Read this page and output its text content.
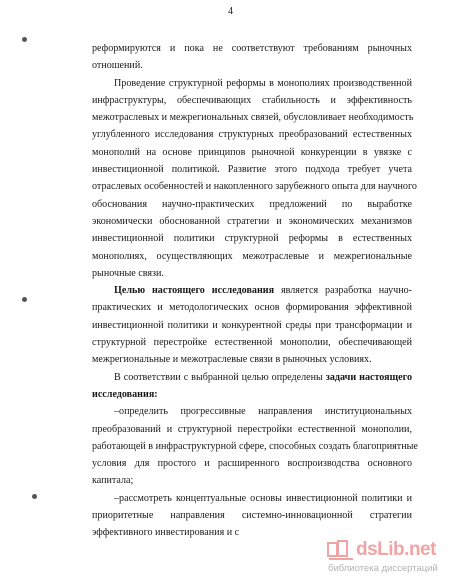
4
реформируются и пока не соответствуют требованиям рыночных
отношений.
Проведение структурной реформы в монополиях производственной
инфраструктуры, обеспечивающих стабильность и эффективность
межотраслевых и межрегиональных связей, обусловливает необходимость
углубленного исследования структурных преобразований естественных
монополий на основе принципов рыночной конкуренции в увязке с
инвестиционной политикой. Развитие этого подхода требует учета
отраслевых особенностей и накопленного зарубежного опыта для научного
обоснования научно-практических предложений по выработке
экономически обоснованной стратегии и экономических механизмов
инвестиционной политики структурной реформы в естественных
монополиях, осуществляющих межотраслевые и межрегиональные
рыночные связи.
Целью настоящего исследования является разработка научно-
практических и методологических основ формирования эффективной
инвестиционной политики и конкурентной среды при трансформации и
структурной перестройке естественной монополии, обеспечивающей
межрегиональные и межотраслевые связи в рыночных условиях.
В соответствии с выбранной целью определены задачи настоящего
исследования:
–определить прогрессивные направления институциональных
преобразований и структурной перестройки естественной монополии,
работающей в инфраструктурной сфере, способных создать благоприятные
условия для простого и расширенного воспроизводства основного
капитала;
–рассмотреть концептуальные основы инвестиционной политики и
приоритетные направления системно-инновационной стратегии
эффективного инвестирования и с
dsLib.net
библиотека диссертаций
